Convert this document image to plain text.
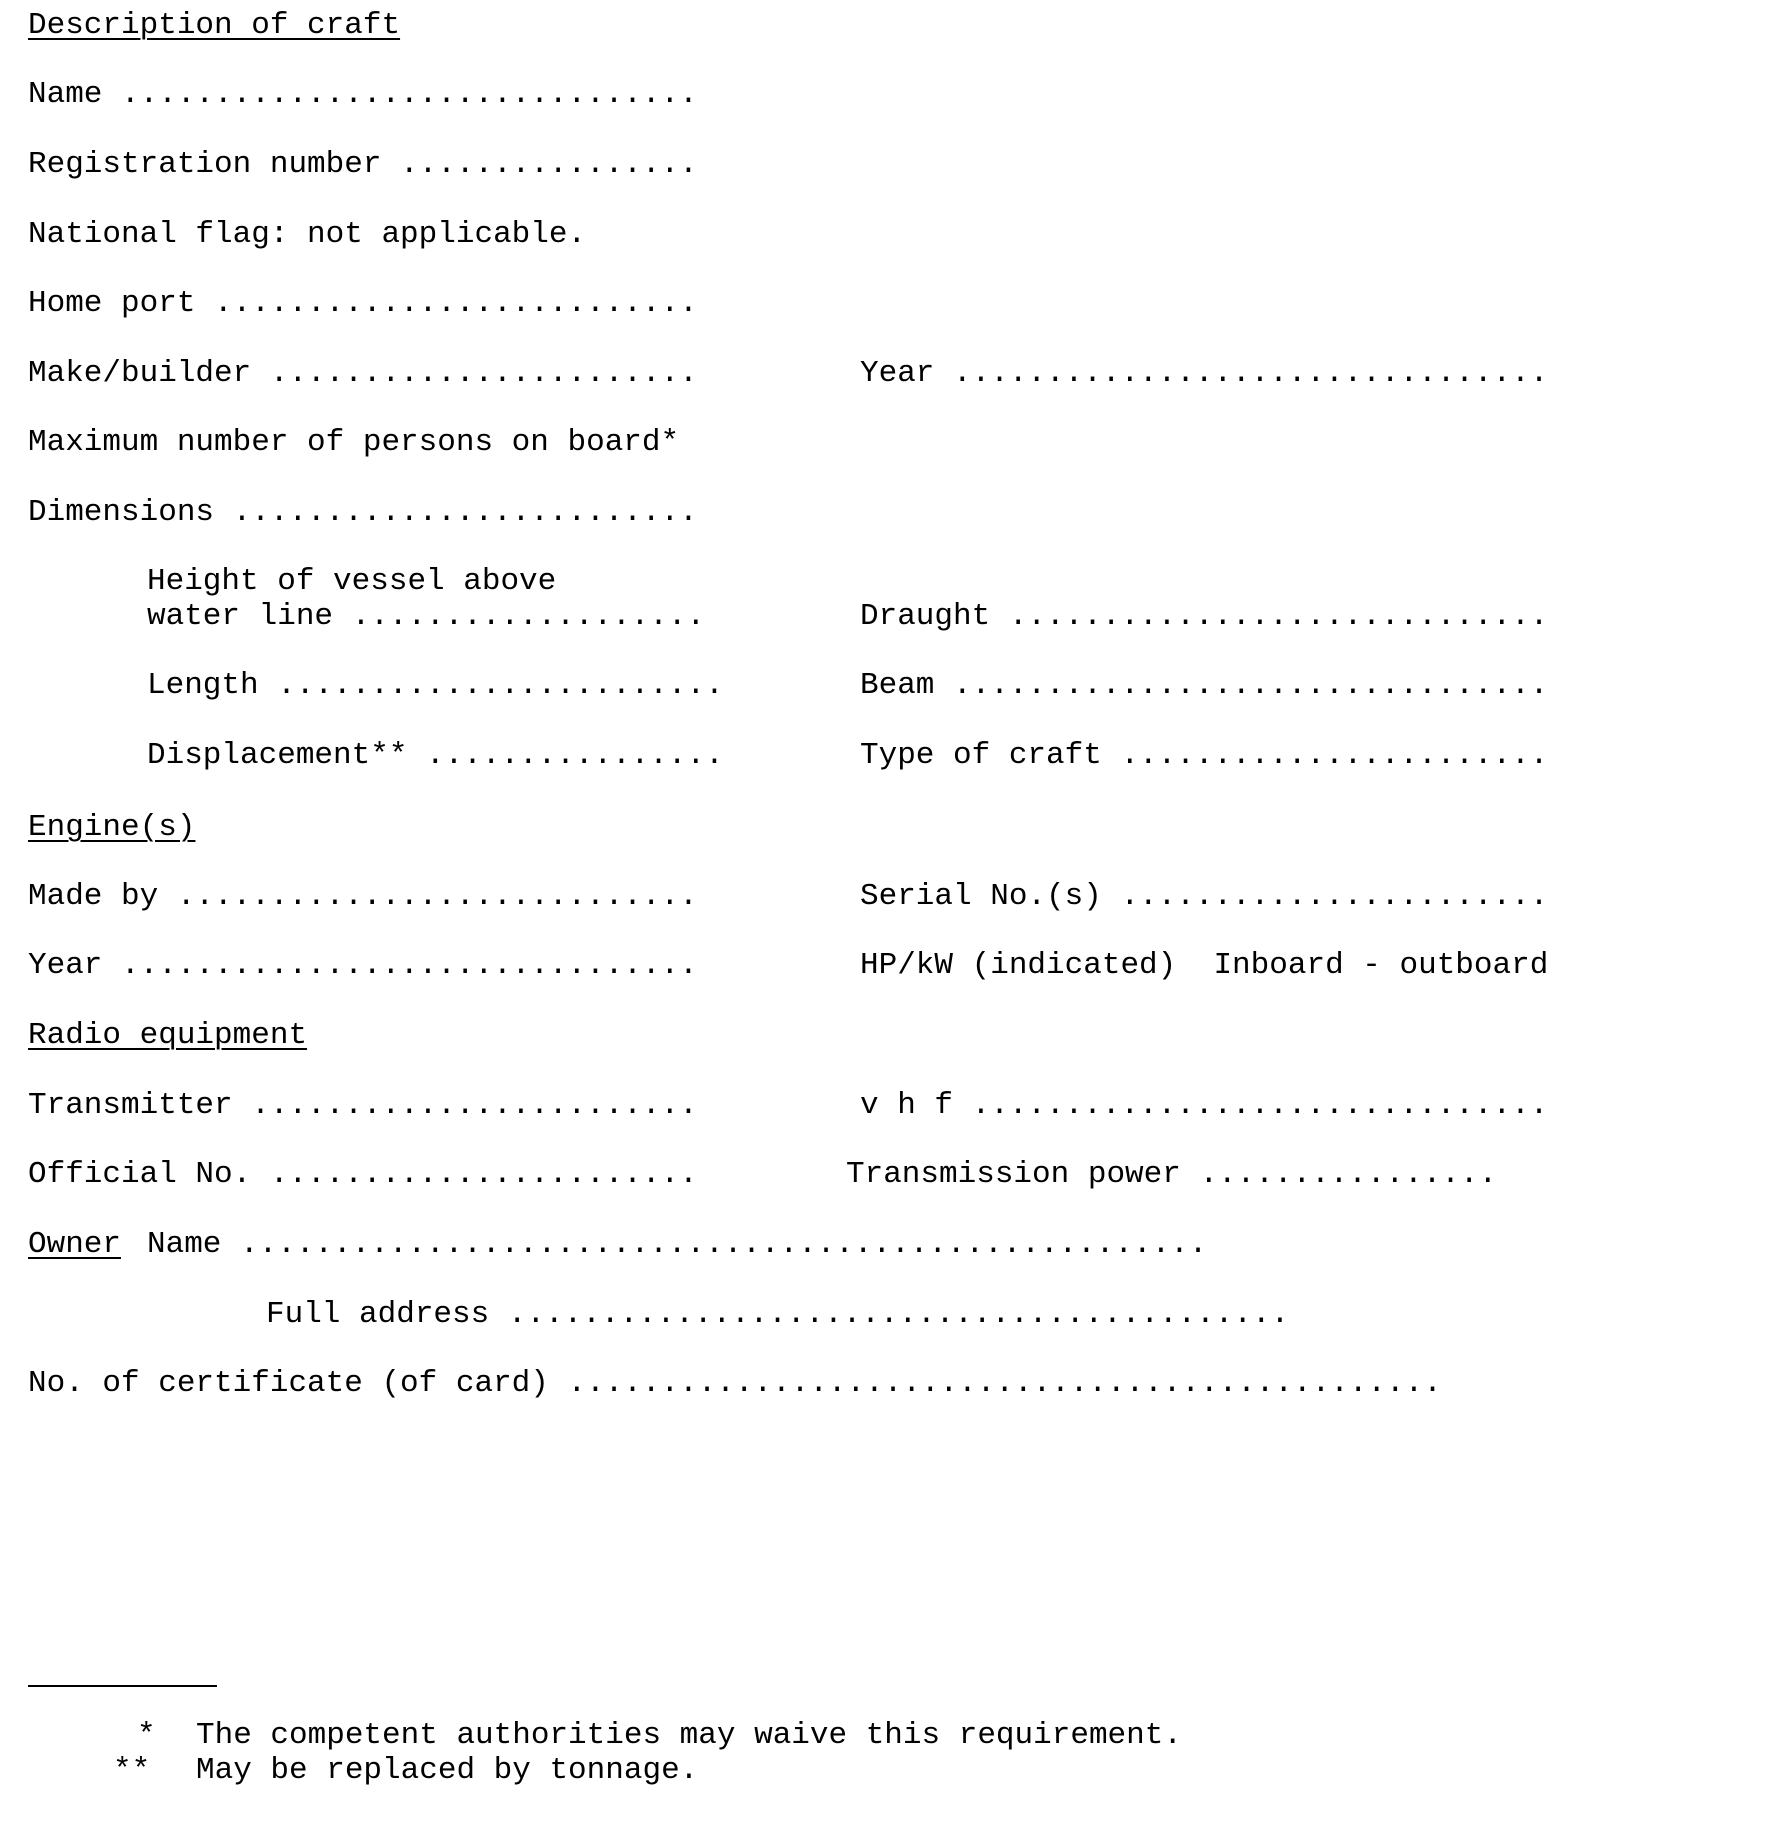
Description of craft
Name ...............................
Registration number ................
National flag: not applicable.
Home port ..........................
Make/builder .......................	Year ................................
Maximum number of persons on board*
Dimensions .........................
Height of vessel above
water line ...................	Draught .............................
Length ........................	Beam ................................
Displacement** ................	Type of craft .......................
Engine(s)
Made by ............................	Serial No.(s) .......................
Year ...............................	HP/kW (indicated)  Inboard - outboard
Radio equipment
Transmitter ........................	v h f ...............................
Official No. .......................	Transmission power ................
Owner Name ....................................................
Full address ..........................................
No. of certificate (of card) ...............................................
* The competent authorities may waive this requirement.
** May be replaced by tonnage.
